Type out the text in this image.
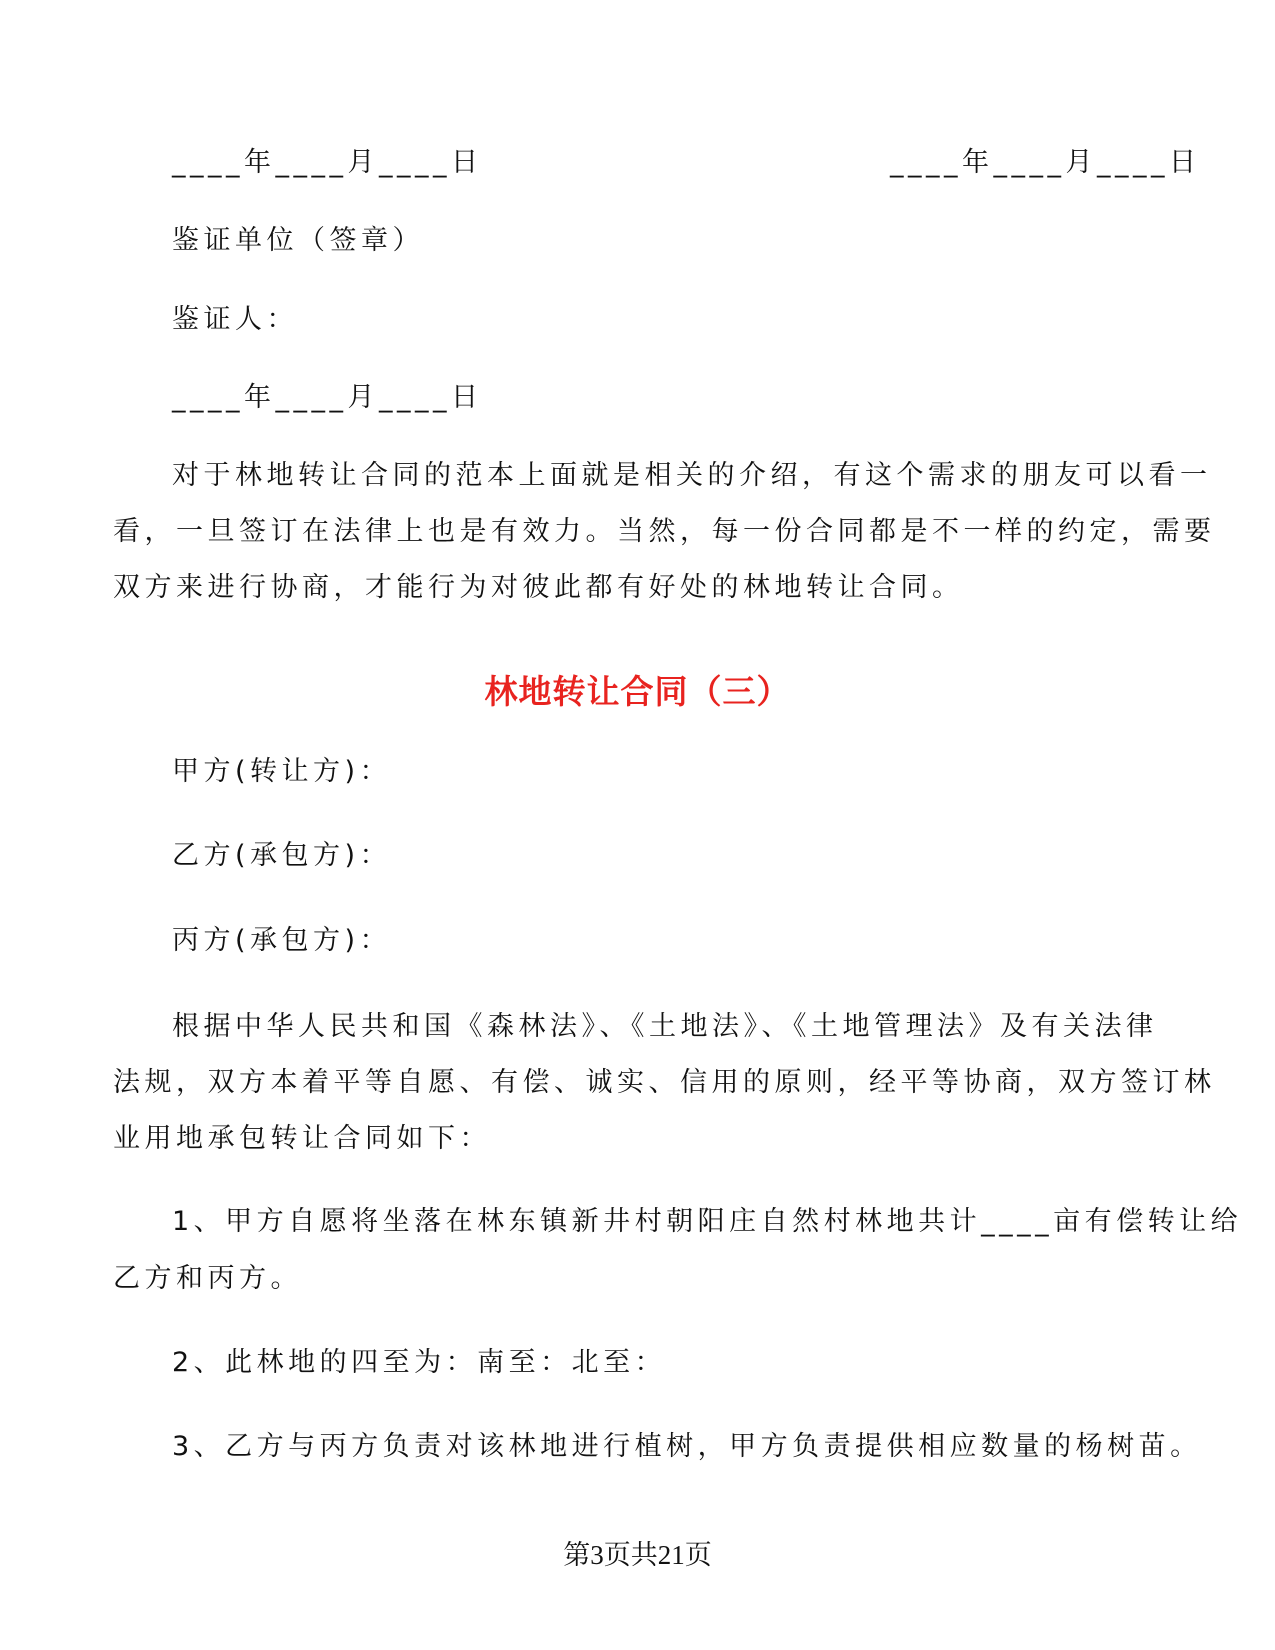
____年____月____日	____年____月____日

鉴证单位（签章）

鉴证人：

____年____月____日

对于林地转让合同的范本上面就是相关的介绍，有这个需求的朋友可以看一

看，一旦签订在法律上也是有效力。当然，每一份合同都是不一样的约定，需要

双方来进行协商，才能行为对彼此都有好处的林地转让合同。

林地转让合同（三）

甲方(转让方)：

乙方(承包方)：

丙方(承包方)：

根据中华人民共和国《森林法》、《土地法》、《土地管理法》及有关法律

法规，双方本着平等自愿、有偿、诚实、信用的原则，经平等协商，双方签订林

业用地承包转让合同如下：

1、甲方自愿将坐落在林东镇新井村朝阳庄自然村林地共计____亩有偿转让给

乙方和丙方。

2、此林地的四至为：南至：北至：

3、乙方与丙方负责对该林地进行植树，甲方负责提供相应数量的杨树苗。

第3页共21页
